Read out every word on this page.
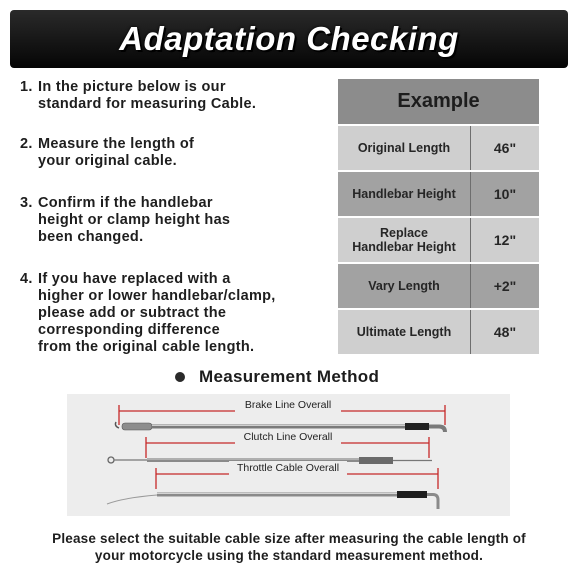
Adaptation Checking
1. In the picture below is our
standard for measuring Cable.
2. Measure the length of
your original cable.
3. Confirm if the handlebar
height or clamp height has
been changed.
4. If you have replaced with a
higher or lower handlebar/clamp,
please add or subtract the
corresponding difference
from the original cable length.
Example	
Original Length	46"
Handlebar Height	10"
Replace
Handlebar Height	12"
Vary Length	+2"
Ultimate Length	48"
Measurement Method
Brake Line Overall
Clutch Line Overall
Throttle Cable Overall
Please select the suitable cable size after measuring the cable length of
your motorcycle using the standard measurement method.
